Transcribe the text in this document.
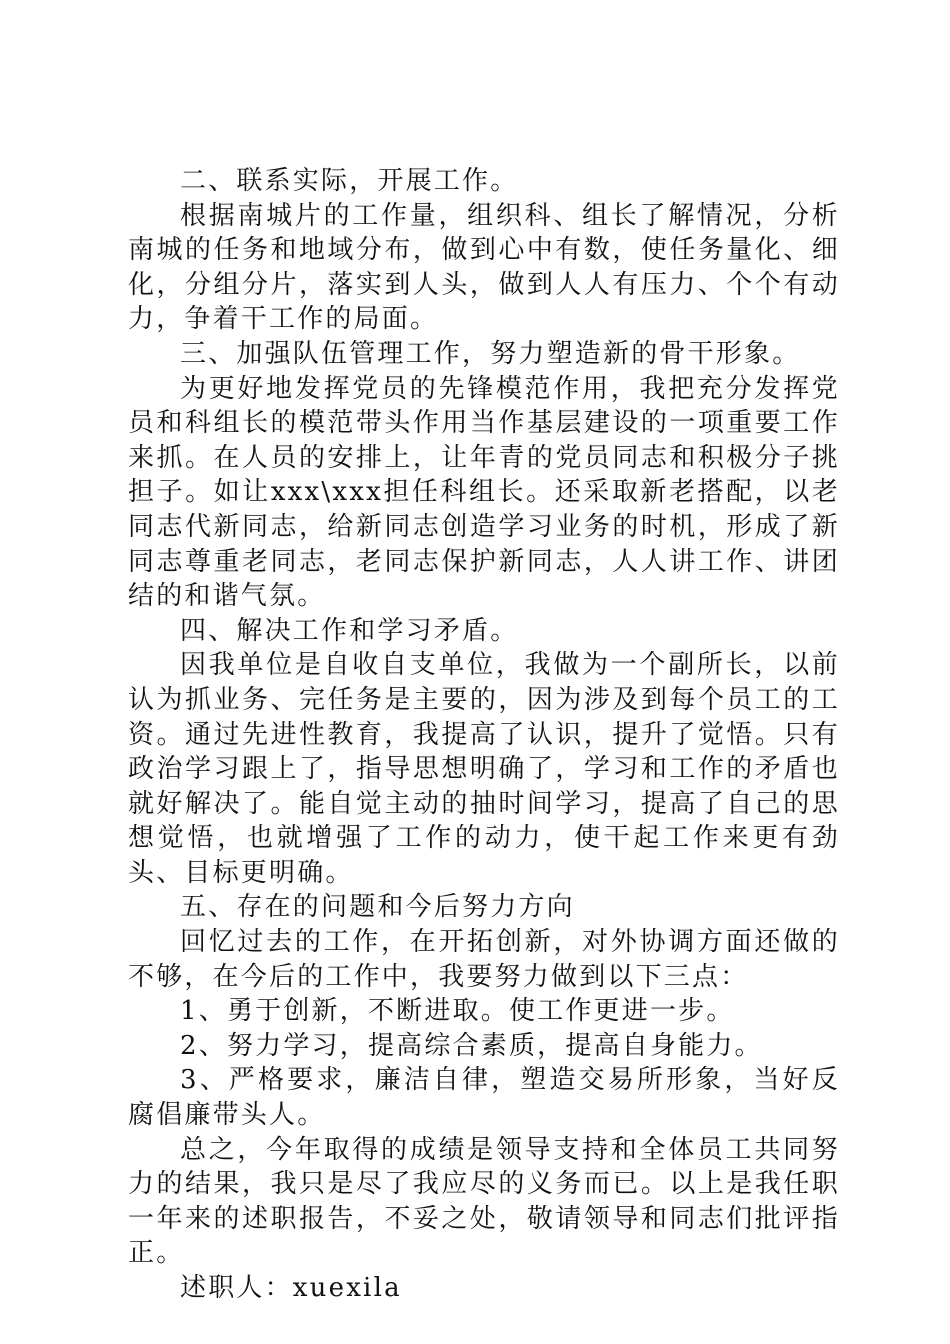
二、联系实际，开展工作。

根据南城片的工作量，组织科、组长了解情况，分析南城的任务和地域分布，做到心中有数，使任务量化、细化，分组分片，落实到人头，做到人人有压力、个个有动力，争着干工作的局面。

三、加强队伍管理工作，努力塑造新的骨干形象。

为更好地发挥党员的先锋模范作用，我把充分发挥党员和科组长的模范带头作用当作基层建设的一项重要工作来抓。在人员的安排上，让年青的党员同志和积极分子挑担子。如让xxx\xxx担任科组长。还采取新老搭配，以老同志代新同志，给新同志创造学习业务的时机，形成了新同志尊重老同志，老同志保护新同志，人人讲工作、讲团结的和谐气氛。

四、解决工作和学习矛盾。

因我单位是自收自支单位，我做为一个副所长，以前认为抓业务、完任务是主要的，因为涉及到每个员工的工资。通过先进性教育，我提高了认识，提升了觉悟。只有政治学习跟上了，指导思想明确了，学习和工作的矛盾也就好解决了。能自觉主动的抽时间学习，提高了自己的思想觉悟，也就增强了工作的动力，使干起工作来更有劲头、目标更明确。

五、存在的问题和今后努力方向

回忆过去的工作，在开拓创新，对外协调方面还做的不够，在今后的工作中，我要努力做到以下三点：

1、勇于创新，不断进取。使工作更进一步。

2、努力学习，提高综合素质，提高自身能力。

3、严格要求，廉洁自律，塑造交易所形象，当好反腐倡廉带头人。

总之，今年取得的成绩是领导支持和全体员工共同努力的结果，我只是尽了我应尽的义务而已。以上是我任职一年来的述职报告，不妥之处，敬请领导和同志们批评指正。

述职人：xuexila
